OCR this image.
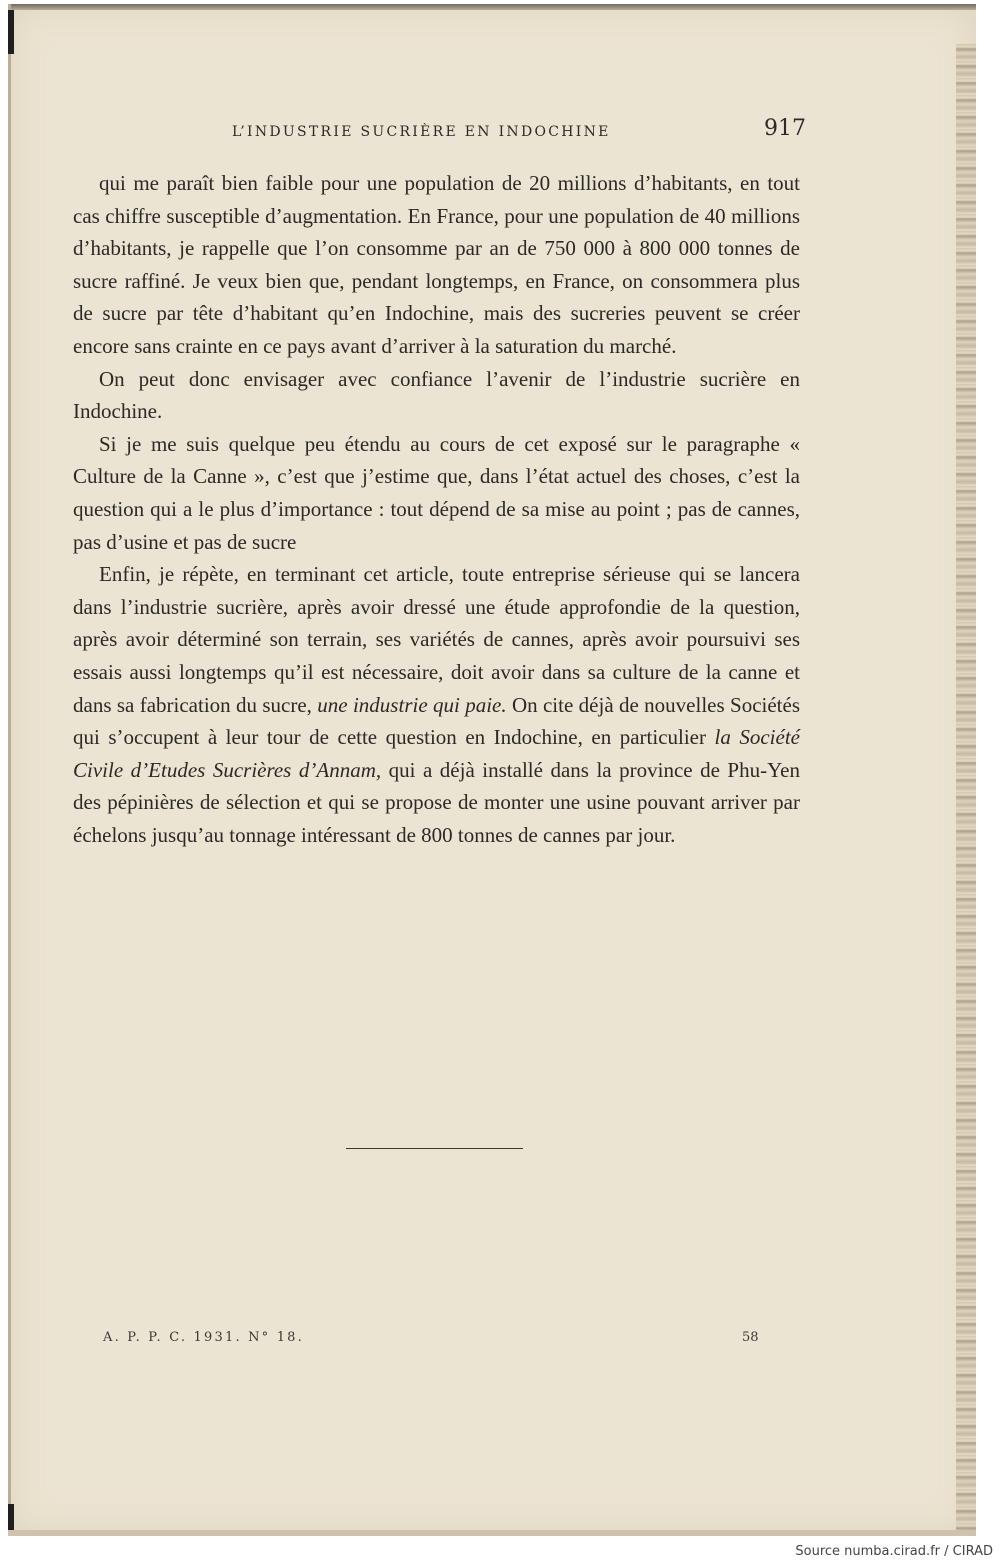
L’INDUSTRIE SUCRIÈRE EN INDOCHINE	917

qui me paraît bien faible pour une population de 20 millions d’habitants, en tout cas chiffre susceptible d’augmentation. En France, pour une population de 40 millions d’habitants, je rappelle que l’on consomme par an de 750 000 à 800 000 tonnes de sucre raffiné. Je veux bien que, pendant longtemps, en France, on consommera plus de sucre par tête d’habitant qu’en Indochine, mais des sucreries peuvent se créer encore sans crainte en ce pays avant d’arriver à la saturation du marché.

On peut donc envisager avec confiance l’avenir de l’industrie sucrière en Indochine.

Si je me suis quelque peu étendu au cours de cet exposé sur le paragraphe « Culture de la Canne », c’est que j’estime que, dans l’état actuel des choses, c’est la question qui a le plus d’importance : tout dépend de sa mise au point ; pas de cannes, pas d’usine et pas de sucre

Enfin, je répète, en terminant cet article, toute entreprise sérieuse qui se lancera dans l’industrie sucrière, après avoir dressé une étude approfondie de la question, après avoir déterminé son terrain, ses variétés de cannes, après avoir poursuivi ses essais aussi longtemps qu’il est nécessaire, doit avoir dans sa culture de la canne et dans sa fabrication du sucre, une industrie qui paie. On cite déjà de nouvelles Sociétés qui s’occupent à leur tour de cette question en Indochine, en particulier la Société Civile d’Etudes Sucrières d’Annam, qui a déjà installé dans la province de Phu-Yen des pépinières de sélection et qui se propose de monter une usine pouvant arriver par échelons jusqu’au tonnage intéressant de 800 tonnes de cannes par jour.

A. P. P. C. 1931. N° 18.	58
Source numba.cirad.fr / CIRAD
